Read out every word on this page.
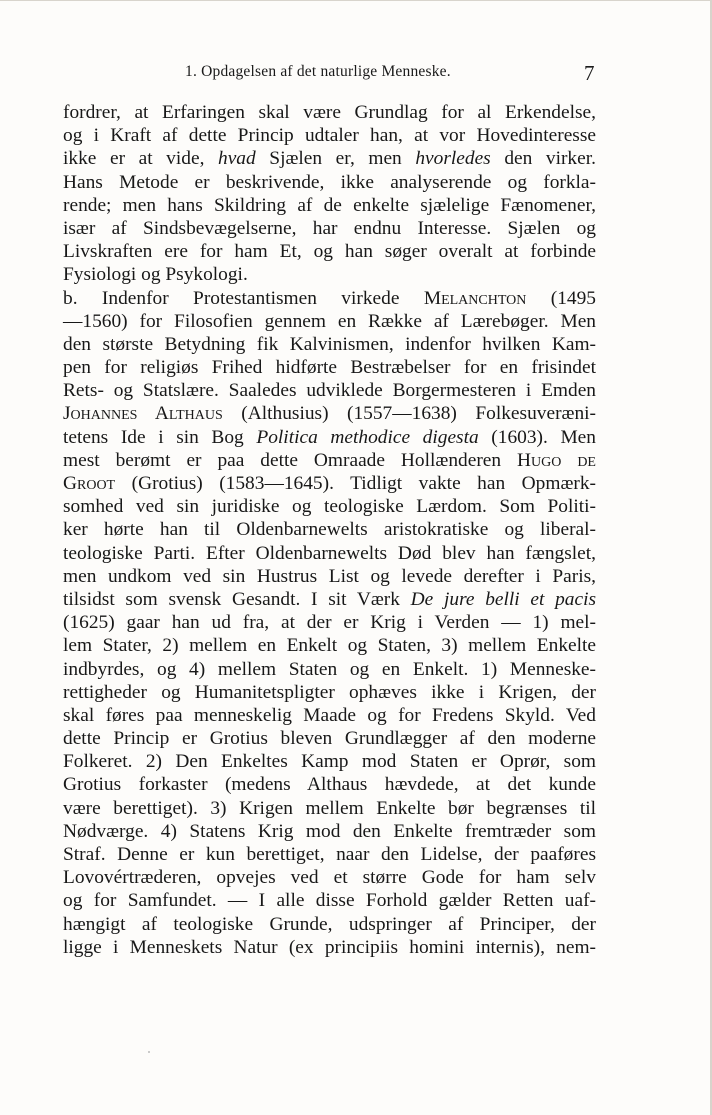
1. Opdagelsen af det naturlige Menneske.	7
fordrer, at Erfaringen skal være Grundlag for al Erkendelse,
og i Kraft af dette Princip udtaler han, at vor Hovedinteresse
ikke er at vide, hvad Sjælen er, men hvorledes den virker.
Hans Metode er beskrivende, ikke analyserende og forkla-
rende; men hans Skildring af de enkelte sjælelige Fænomener,
især af Sindsbevægelserne, har endnu Interesse. Sjælen og
Livskraften ere for ham Et, og han søger overalt at forbinde
Fysiologi og Psykologi.
b. Indenfor Protestantismen virkede Melanchton (1495
—1560) for Filosofien gennem en Række af Lærebøger. Men
den største Betydning fik Kalvinismen, indenfor hvilken Kam-
pen for religiøs Frihed hidførte Bestræbelser for en frisindet
Rets- og Statslære. Saaledes udviklede Borgermesteren i Emden
Johannes Althaus (Althusius) (1557—1638) Folkesuveræni-
tetens Ide i sin Bog Politica methodice digesta (1603). Men
mest berømt er paa dette Omraade Hollænderen Hugo de
Groot (Grotius) (1583—1645). Tidligt vakte han Opmærk-
somhed ved sin juridiske og teologiske Lærdom. Som Politi-
ker hørte han til Oldenbarnewelts aristokratiske og liberal-
teologiske Parti. Efter Oldenbarnewelts Død blev han fængslet,
men undkom ved sin Hustrus List og levede derefter i Paris,
tilsidst som svensk Gesandt. I sit Værk De jure belli et pacis
(1625) gaar han ud fra, at der er Krig i Verden — 1) mel-
lem Stater, 2) mellem en Enkelt og Staten, 3) mellem Enkelte
indbyrdes, og 4) mellem Staten og en Enkelt. 1) Menneske-
rettigheder og Humanitetspligter ophæves ikke i Krigen, der
skal føres paa menneskelig Maade og for Fredens Skyld. Ved
dette Princip er Grotius bleven Grundlægger af den moderne
Folkeret. 2) Den Enkeltes Kamp mod Staten er Oprør, som
Grotius forkaster (medens Althaus hævdede, at det kunde
være berettiget). 3) Krigen mellem Enkelte bør begrænses til
Nødværge. 4) Statens Krig mod den Enkelte fremtræder som
Straf. Denne er kun berettiget, naar den Lidelse, der paaføres
Lovovértræderen, opvejes ved et større Gode for ham selv
og for Samfundet. — I alle disse Forhold gælder Retten uaf-
hængigt af teologiske Grunde, udspringer af Principer, der
ligge i Menneskets Natur (ex principiis homini internis), nem-
